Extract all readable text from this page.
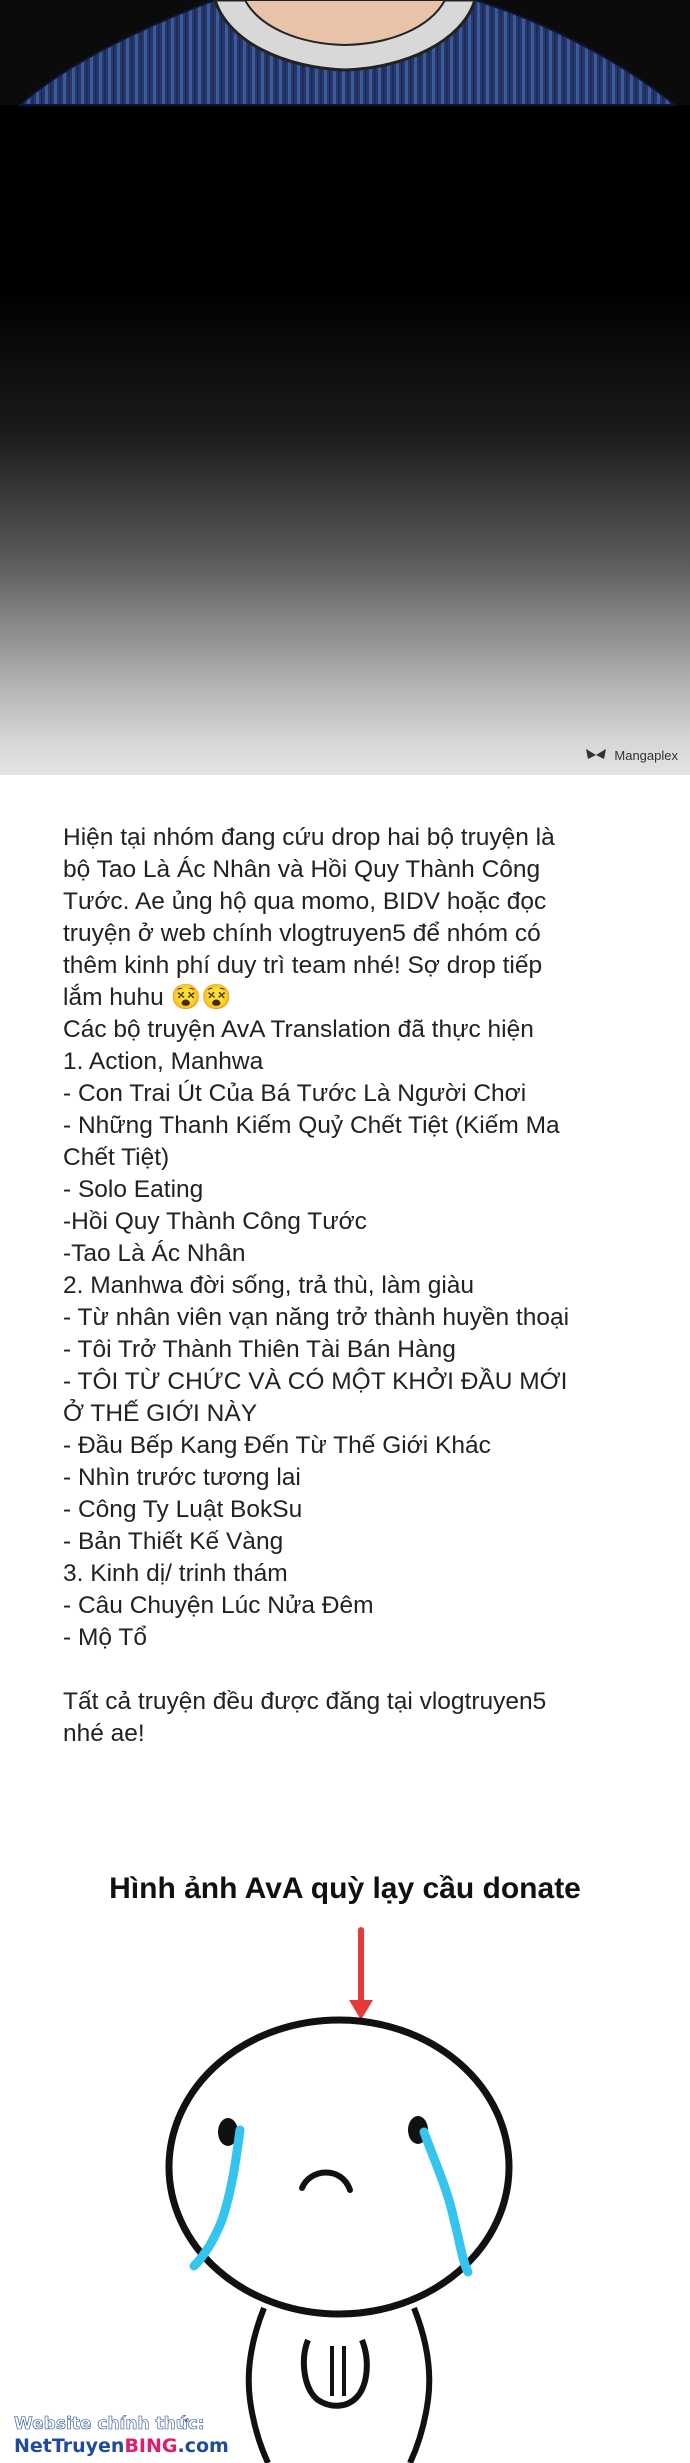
Mangaplex

Hiện tại nhóm đang cứu drop hai bộ truyện là

bộ Tao Là Ác Nhân và Hồi Quy Thành Công

Tước. Ae ủng hộ qua momo, BIDV hoặc đọc

truyện ở web chính vlogtruyen5 để nhóm có

thêm kinh phí duy trì team nhé! Sợ drop tiếp

lắm huhu 😵😵

Các bộ truyện AvA Translation đã thực hiện

1. Action, Manhwa

- Con Trai Út Của Bá Tước Là Người Chơi

- Những Thanh Kiếm Quỷ Chết Tiệt (Kiếm Ma

Chết Tiệt)

- Solo Eating

-Hồi Quy Thành Công Tước

-Tao Là Ác Nhân

2. Manhwa đời sống, trả thù, làm giàu

- Từ nhân viên vạn năng trở thành huyền thoại

- Tôi Trở Thành Thiên Tài Bán Hàng

- TÔI TỪ CHỨC VÀ CÓ MỘT KHỞI ĐẦU MỚI

Ở THẾ GIỚI NÀY

- Đầu Bếp Kang Đến Từ Thế Giới Khác

- Nhìn trước tương lai

- Công Ty Luật BokSu

- Bản Thiết Kế Vàng

3. Kinh dị/ trinh thám

- Câu Chuyện Lúc Nửa Đêm

- Mộ Tổ

Tất cả truyện đều được đăng tại vlogtruyen5

nhé ae!

Hình ảnh AvA quỳ lạy cầu donate
Website chính thức:
NetTruyenBING.com
